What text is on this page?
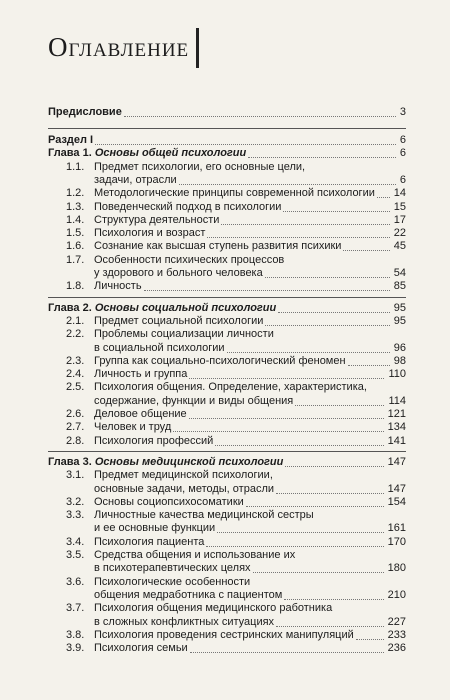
Оглавление
Предисловие	3
Раздел I	6
Глава 1. Основы общей психологии	6
1.1. Предмет психологии, его основные цели,
задачи, отрасли	6
1.2. Методологические принципы современной психологии 14
1.3. Поведенческий подход в психологии	15
1.4. Структура деятельности	17
1.5. Психология и возраст	22
1.6. Сознание как высшая ступень развития психики	45
1.7. Особенности психических процессов
у здорового и больного человека	54
1.8. Личность	85
Глава 2. Основы социальной психологии	95
2.1. Предмет социальной психологии	95
2.2. Проблемы социализации личности
в социальной психологии	96
2.3. Группа как социально-психологический феномен	98
2.4. Личность и группа	110
2.5. Психология общения. Определение, характеристика,
содержание, функции и виды общения	114
2.6. Деловое общение	121
2.7. Человек и труд	134
2.8. Психология профессий	141
Глава 3. Основы медицинской психологии	147
3.1. Предмет медицинской психологии,
основные задачи, методы, отрасли	147
3.2. Основы социопсихосоматики	154
3.3. Личностные качества медицинской сестры
и ее основные функции	161
3.4. Психология пациента	170
3.5. Средства общения и использование их
в психотерапевтических целях	180
3.6. Психологические особенности
общения медработника с пациентом	210
3.7. Психология общения медицинского работника
в сложных конфликтных ситуациях	227
3.8. Психология проведения сестринских манипуляций	233
3.9. Психология семьи	236
